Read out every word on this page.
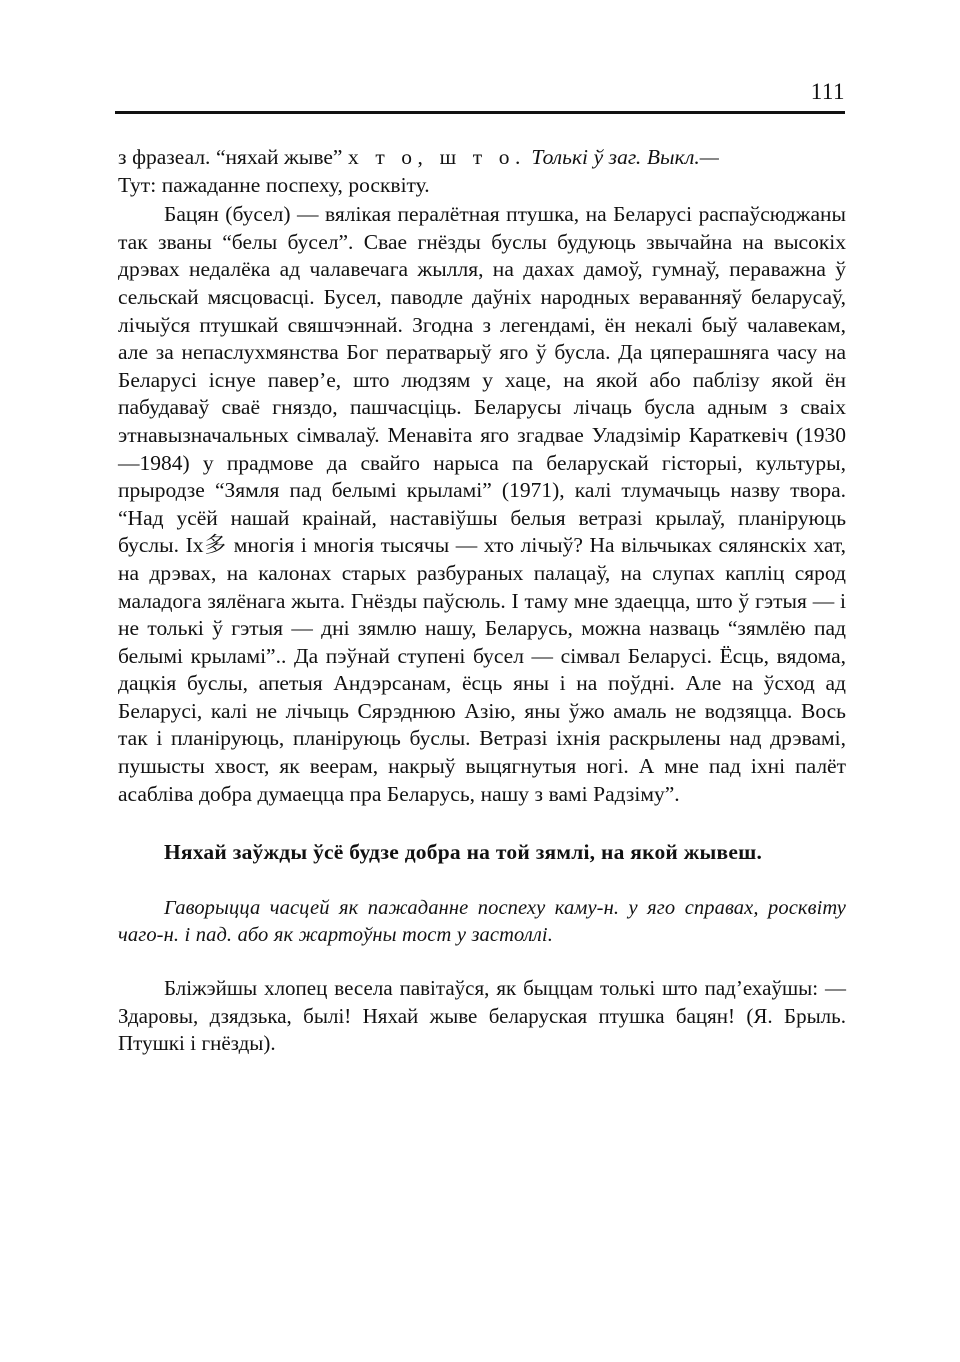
111

з фразеал. “няхай жыве” х т о, ш т о. Толькі ў заг. Выкл.—
Тут: пажаданне поспеху, росквіту.

Бацян (бусел) — вялікая пералётная птушка, на Беларусі распаўсюджаны так званы “белы бусел”. Свае гнёзды буслы будуюць звычайна на высокіх дрэвах недалёка ад чалавечага жылля, на дахах дамоў, гумнаў, пераважна ў сельскай мясцовасці. Бусел, паводле даўніх народных вераванняў беларусаў, лічыўся птушкай свяшчэннай. Згодна з легендамі, ён некалі быў чалавекам, але за непаслухмянства Бог ператварыў яго ў бусла. Да цяперашняга часу на Беларусі існуе паверʼе, што людзям у хаце, на якой або паблізу якой ён пабудаваў сваё гняздо, пашчасціць. Беларусы лічаць бусла адным з сваіх этнавызначальных сімвалаў. Менавіта яго згадвае Уладзімір Караткевіч (1930—1984) у прадмове да свайго нарыса па беларускай гісторыі, культуры, прыродзе “Зямля пад белымі крыламі” (1971), калі тлумачыць назву твора. “Над усёй нашай краінай, наставіўшы белыя ветразі крылаў, планіруюць буслы. Іх多 многія і многія тысячы — хто лічыў? На вільчыках сялянскіх хат, на дрэвах, на калонах старых разбураных палацаў, на слупах капліц сярод маладога зялёнага жыта. Гнёзды паўсюль. І таму мне здаецца, што ў гэтыя — і не толькі ў гэтыя — дні зямлю нашу, Беларусь, можна назваць “зямлёю пад белымі крыламі”.. Да пэўнай ступені бусел — сімвал Беларусі. Ёсць, вядома, дацкія буслы, апетыя Андэрсанам, ёсць яны і на поўдні. Але на ўсход ад Беларусі, калі не лічыць Сярэднюю Азію, яны ўжо амаль не водзяцца. Вось так і планіруюць, планіруюць буслы. Ветразі іхнія раскрылены над дрэвамі, пушысты хвост, як веерам, накрыў выцягнутыя ногі. А мне пад іхні палёт асабліва добра думаецца пра Беларусь, нашу з вамі Радзіму”.

Няхай заўжды ўсё будзе добра на той зямлі, на якой жывеш.

Гаворыцца часцей як пажаданне поспеху каму-н. у яго справах, росквіту чаго-н. і пад. або як жартоўны тост у застоллі.

Бліжэйшы хлопец весела павітаўся, як быццам толькі што падʼехаўшы: — Здаровы, дзядзька, былі! Няхай жыве беларуская птушка бацян! (Я. Брыль. Птушкі і гнёзды).
